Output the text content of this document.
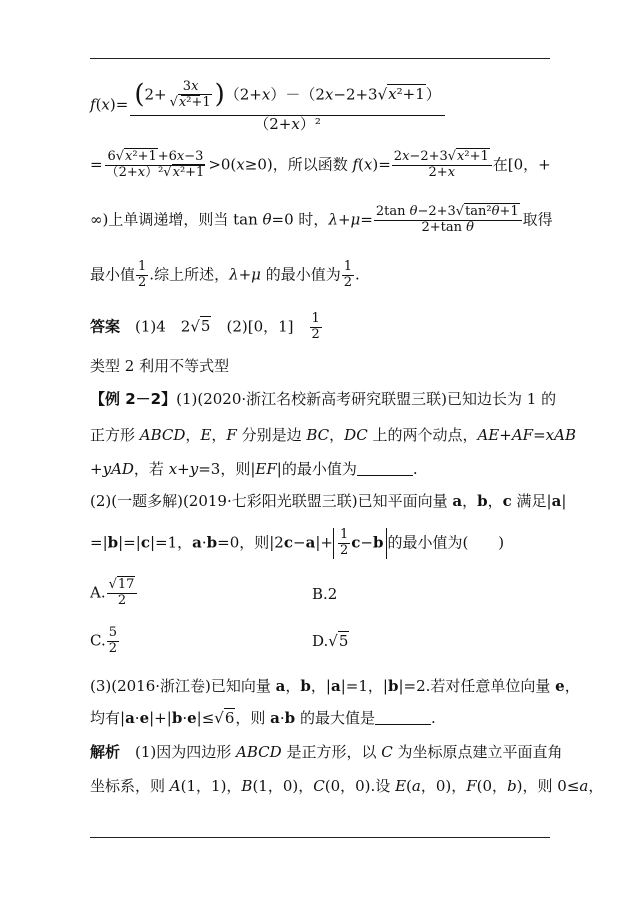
$f(x)= \frac{(2+ \frac{3x}{\text{√x²+1}} )(2+x)-(2x-2+3√x^2+1)}{\text{（2+x）²}}$
= $\frac{\text{6√x²+1+6x−3}}{\text{（2+x）²√x²+1}} >0(x\ge 0)$，所以函数 $f(x)= \frac{\text{2x−2+3√x²+1}}{2+x}$ 在[0，+
∞)上单调递增，则当 tan θ=0 时，$\lambda+\mu= \frac{\text{2tan θ−2+3√tan²θ+1}}{\text{2+tan θ}}$ 取得
最小值 $\frac{1}{2}$ .综上所述，λ+μ 的最小值为 $\frac{1}{2}$ .
答案　(1)4　2√5　(2)[0，1]　 $\frac{1}{2}$
类型 2 利用不等式型
【例 2－2】(1)(2020·浙江名校新高考研究联盟三联)已知边长为 1 的
正方形 ABCD，E，F 分别是边 BC，DC 上的两个动点，AE+AF=xAB
+yAD，若 x+y=3，则|EF|的最小值为	.
(2)(一题多解)(2019·七彩阳光联盟三联)已知平面向量 a，b，c 满足|a|
=|b|=|c|=1，a·b=0，则$|2c-a|+ \frac{1}{2} c-b$ 的最小值为(　　)
A. $\frac{√17}{2}$	B.2
C. $\frac{5}{2}$	D.√5
(3)(2016·浙江卷)已知向量 a，b，|a|=1，|b|=2.若对任意单位向量 e，
均有|a·e|+|b·e|≤√6，则 a·b 的最大值是	.
解析　(1)因为四边形 ABCD 是正方形，以 C 为坐标原点建立平面直角
坐标系，则 A(1，1)，B(1，0)，C(0，0).设 E(a，0)，F(0，b)，则 0≤a，
